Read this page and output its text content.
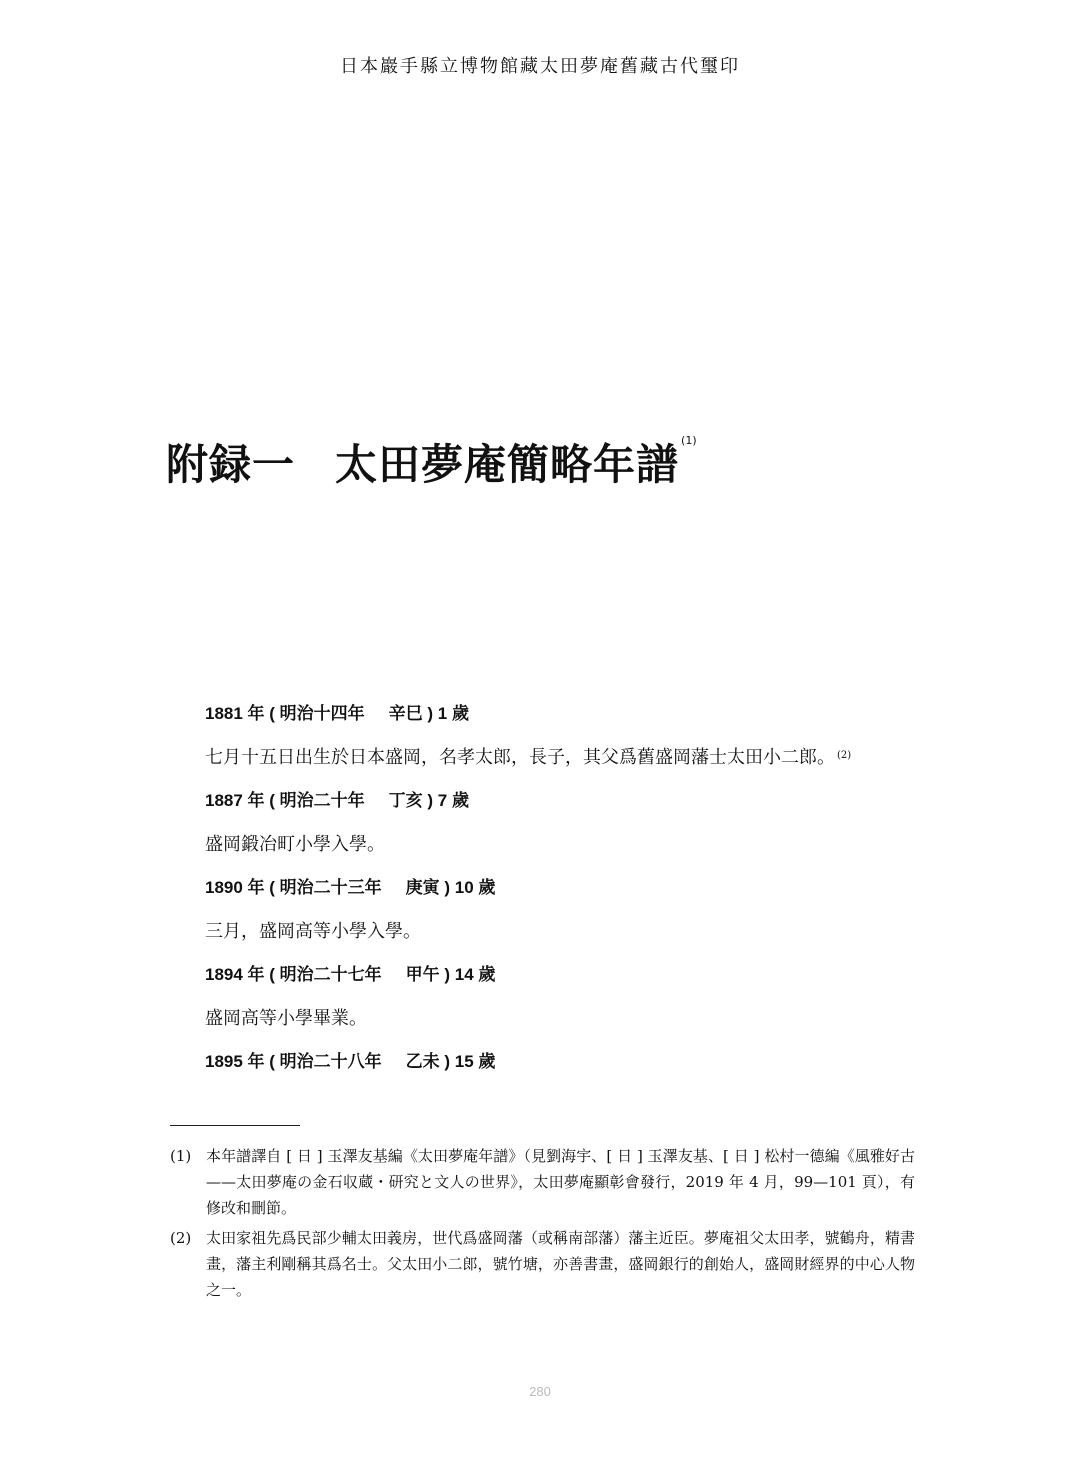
日本巖手縣立博物館藏太田夢庵舊藏古代璽印
附録一 太田夢庵簡略年譜 $^{(1)}$
1881 年 ( 明治十四年 辛巳 ) 1 歲
七月十五日出生於日本盛岡，名孝太郎，長子，其父爲舊盛岡藩士太田小二郎。 $^{(2)}$
1887 年 ( 明治二十年 丁亥 ) 7 歲
盛岡鍛冶町小學入學。
1890 年 ( 明治二十三年 庚寅 ) 10 歲
三月，盛岡高等小學入學。
1894 年 ( 明治二十七年 甲午 ) 14 歲
盛岡高等小學畢業。
1895 年 ( 明治二十八年 乙未 ) 15 歲
(1) 本年譜譯自 [ 日 ] 玉澤友基編《太田夢庵年譜》（見劉海宇、[ 日 ] 玉澤友基、[ 日 ] 松村一德編《風雅好古——太田夢庵の金石収蔵・研究と文人の世界》，太田夢庵顯彰會發行，2019 年 4 月，99—101 頁），有修改和刪節。
(2) 太田家祖先爲民部少輔太田義房，世代爲盛岡藩（或稱南部藩）藩主近臣。夢庵祖父太田孝，號鶴舟，精書畫，藩主利剛稱其爲名士。父太田小二郎，號竹塘，亦善書畫，盛岡銀行的創始人，盛岡財經界的中心人物之一。
280
